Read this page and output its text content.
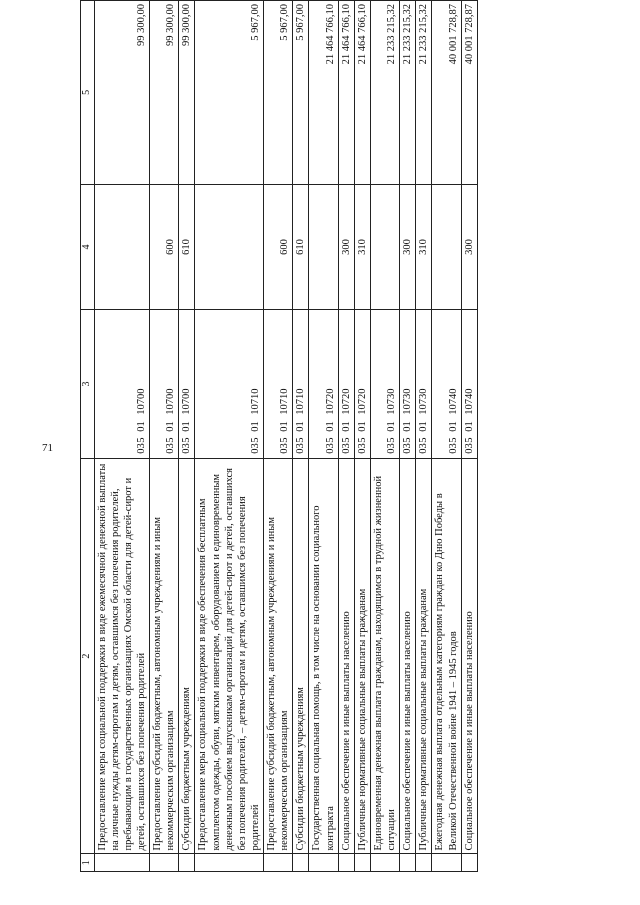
1	2	3	4	5
	Предоставление меры социальной поддержки в виде ежемесячной денежной выплаты на личные нужды детям-сиротам и детям, оставшимся без попечения родителей, пребывающим в государственных организациях Омской области для детей-сирот и детей, оставшихся без попечения родителей	0350110700		99 300,00
	Предоставление субсидий бюджетным, автономным учреждениям и иным некоммерческим организациям	0350110700	600	99 300,00
	Субсидии бюджетным учреждениям	0350110700	610	99 300,00
	Предоставление меры социальной поддержки в виде обеспечения бесплатным комплектом одежды, обуви, мягким инвентарем, оборудованием и единовременным денежным пособием выпускникам организаций для детей-сирот и детей, оставшихся без попечения родителей, – детям-сиротам и детям, оставшимся без попечения родителей	0350110710		5 967,00
	Предоставление субсидий бюджетным, автономным учреждениям и иным некоммерческим организациям	0350110710	600	5 967,00
	Субсидии бюджетным учреждениям	0350110710	610	5 967,00
	Государственная социальная помощь, в том числе на основании социального контракта	0350110720		21 464 766,10
	Социальное обеспечение и иные выплаты населению	0350110720	300	21 464 766,10
	Публичные нормативные социальные выплаты гражданам	0350110720	310	21 464 766,10
	Единовременная денежная выплата гражданам, находящимся в трудной жизненной ситуации	0350110730		21 233 215,32
	Социальное обеспечение и иные выплаты населению	0350110730	300	21 233 215,32
	Публичные нормативные социальные выплаты гражданам	0350110730	310	21 233 215,32
	Ежегодная денежная выплата отдельным категориям граждан ко Дню Победы в Великой Отечественной войне 1941 – 1945 годов	0350110740		40 001 728,87
	Социальное обеспечение и иные выплаты населению	0350110740	300	40 001 728,87
71
